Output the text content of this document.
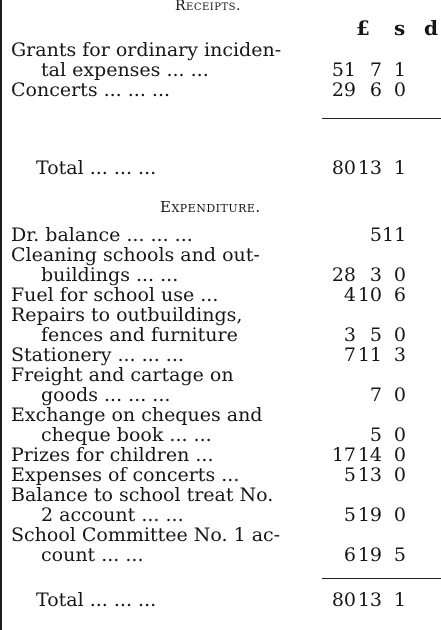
Receipts.
£ s d
Grants for ordinary inciden-
tal expenses ... ...	51 7 1
Concerts ... ... ...	29 6 0
Total ... ... ...	8013 1
Expenditure.
Dr. balance ... ... ...	511
Cleaning schools and out-
buildings ... ...	28 3 0
Fuel for school use ...	410 6
Repairs to outbuildings,
fences and furniture	3 5 0
Stationery ... ... ...	711 3
Freight and cartage on
goods ... ... ...	7 0
Exchange on cheques and
cheque book ... ...	5 0
Prizes for children ...	1714 0
Expenses of concerts ...	513 0
Balance to school treat No.
2 account ... ...	519 0
School Committee No. 1 ac-
count ... ...	619 5
Total ... ... ...	8013 1
